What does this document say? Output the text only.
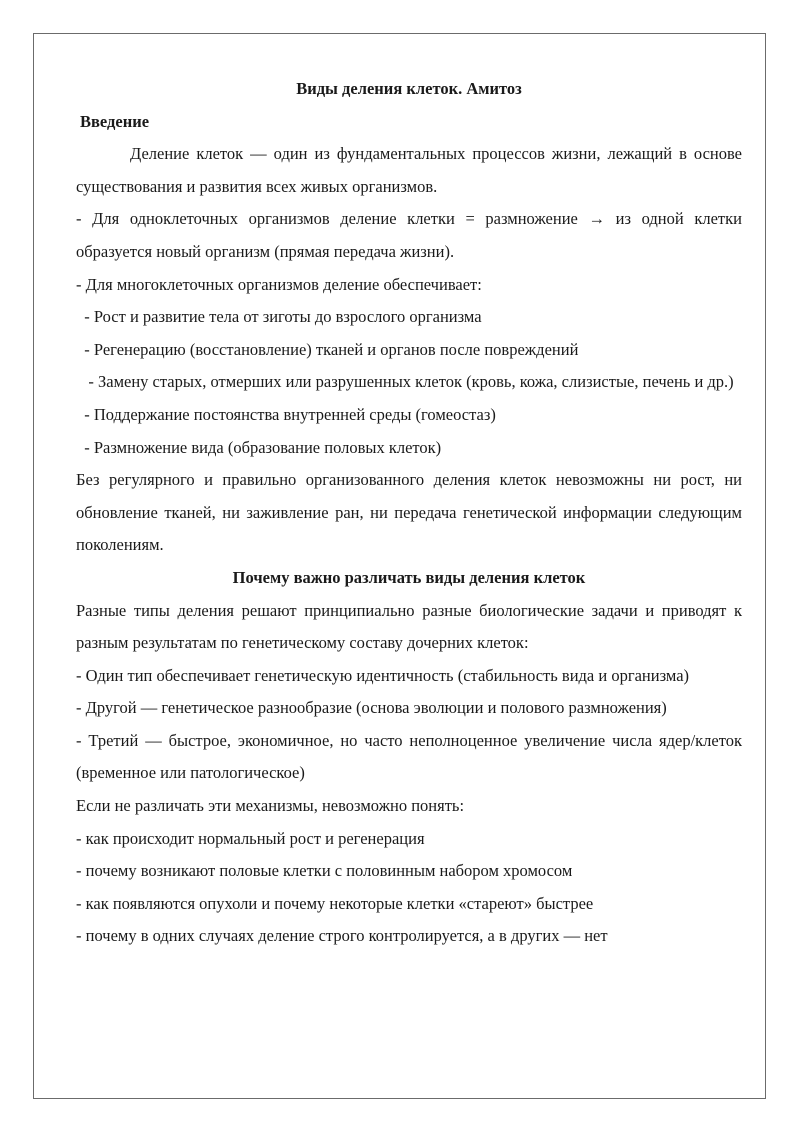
Виды деления клеток. Амитоз

Введение

Деление клеток — один из фундаментальных процессов жизни, лежащий в основе существования и развития всех живых организмов.

- Для одноклеточных организмов деление клетки = размножение → из одной клетки образуется новый организм (прямая передача жизни).

- Для многоклеточных организмов деление обеспечивает:

- Рост и развитие тела от зиготы до взрослого организма

- Регенерацию (восстановление) тканей и органов после повреждений

- Замену старых, отмерших или разрушенных клеток (кровь, кожа, слизистые, печень и др.)

- Поддержание постоянства внутренней среды (гомеостаз)

- Размножение вида (образование половых клеток)

Без регулярного и правильно организованного деления клеток невозможны ни рост, ни обновление тканей, ни заживление ран, ни передача генетической информации следующим поколениям.

Почему важно различать виды деления клеток

Разные типы деления решают принципиально разные биологические задачи и приводят к разным результатам по генетическому составу дочерних клеток:

- Один тип обеспечивает генетическую идентичность (стабильность вида и организма)

- Другой — генетическое разнообразие (основа эволюции и полового размножения)

- Третий — быстрое, экономичное, но часто неполноценное увеличение числа ядер/клеток (временное или патологическое)

Если не различать эти механизмы, невозможно понять:

- как происходит нормальный рост и регенерация

- почему возникают половые клетки с половинным набором хромосом

- как появляются опухоли и почему некоторые клетки «стареют» быстрее

- почему в одних случаях деление строго контролируется, а в других — нет
